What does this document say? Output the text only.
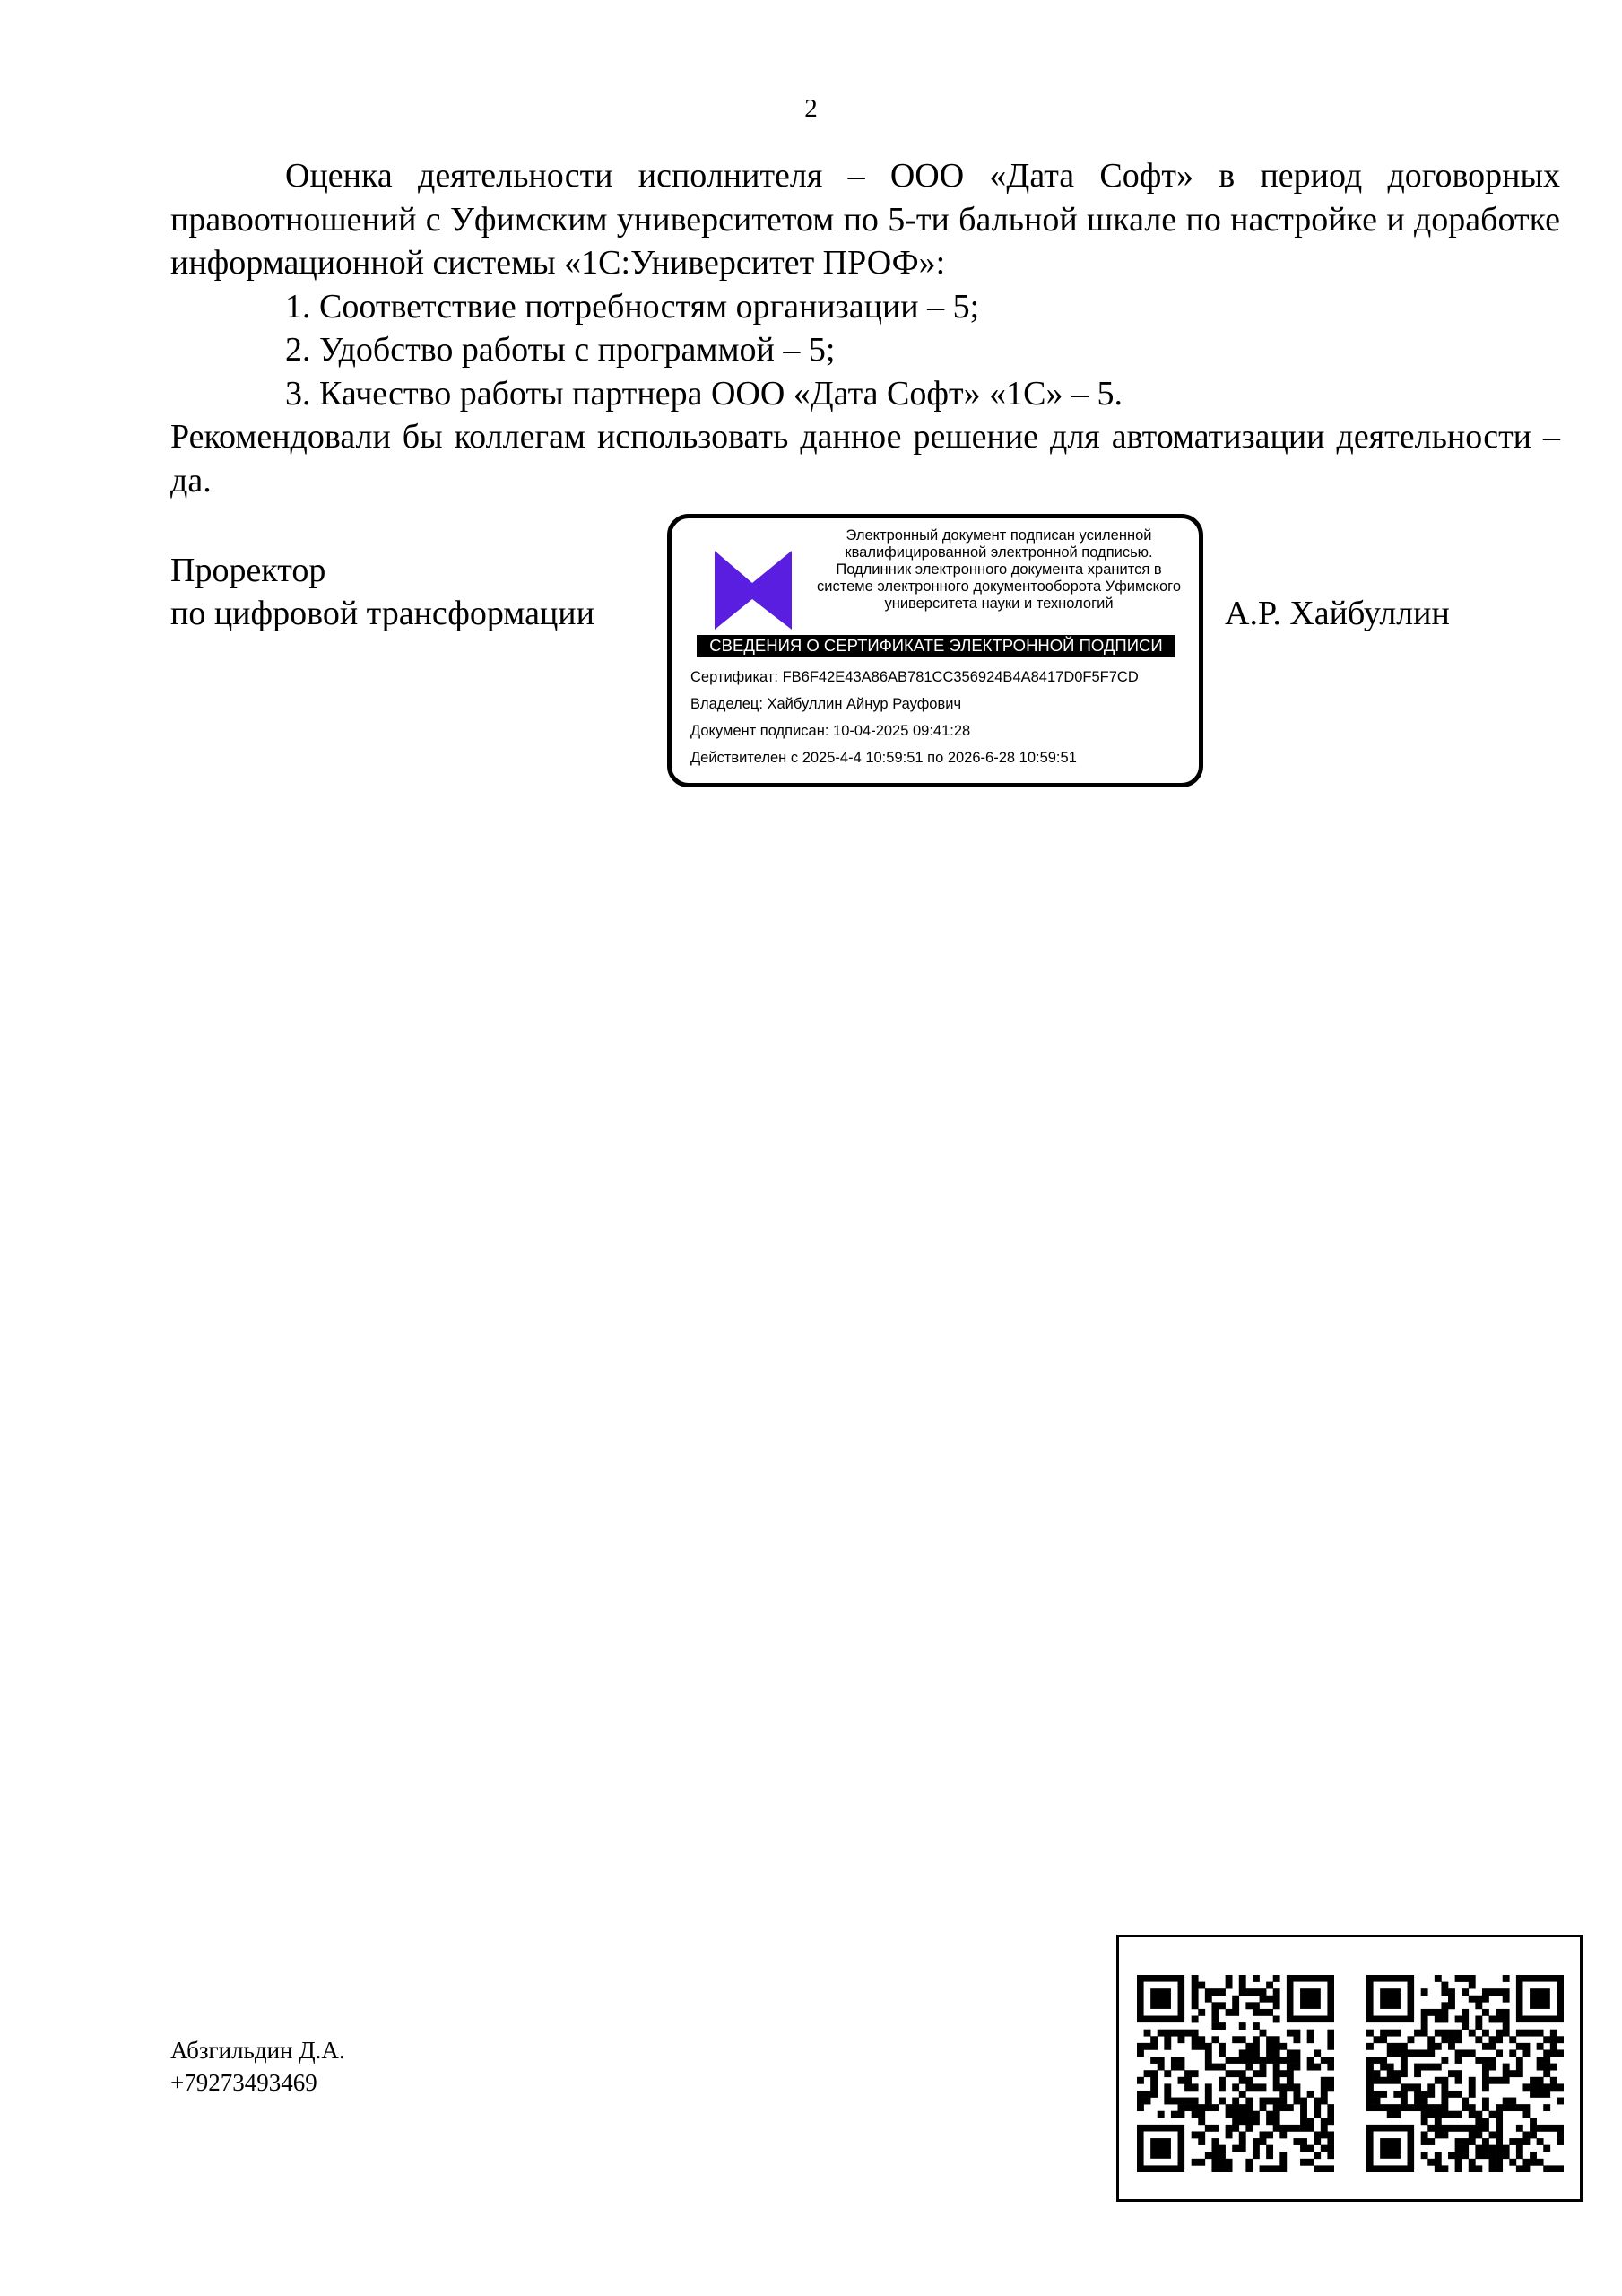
2

Оценка деятельности исполнителя – ООО «Дата Софт» в период договорных правоотношений с Уфимским университетом по 5-ти бальной шкале по настройке и доработке информационной системы «1С:Университет ПРОФ»:

1. Соответствие потребностям организации – 5;
2. Удобство работы с программой – 5;
3. Качество работы партнера ООО «Дата Софт» «1С» – 5.

Рекомендовали бы коллегам использовать данное решение для автоматизации деятельности – да.

Проректор
по цифровой трансформации	А.Р. Хайбуллин
Электронный документ подписан усиленной квалифицированной электронной подписью. Подлинник электронного документа хранится в системе электронного документооборота Уфимского университета науки и технологий
СВЕДЕНИЯ О СЕРТИФИКАТЕ ЭЛЕКТРОННОЙ ПОДПИСИ
Сертификат: FB6F42E43A86AB781CC356924B4A8417D0F5F7CD
Владелец: Хайбуллин Айнур Рауфович
Документ подписан: 10-04-2025 09:41:28
Действителен с 2025-4-4 10:59:51 по 2026-6-28 10:59:51
Абзгильдин Д.А.
+79273493469
